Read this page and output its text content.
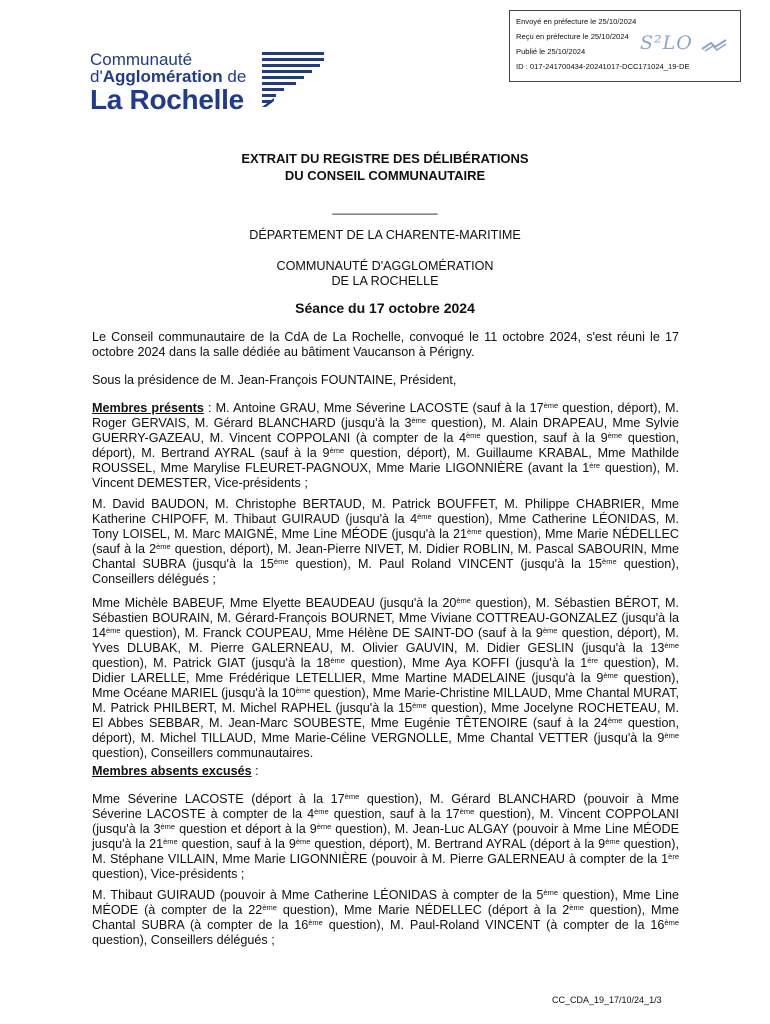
Envoyé en préfecture le 25/10/2024
Reçu en préfecture le 25/10/2024
Publié le 25/10/2024
ID : 017-241700434-20241017-DCC171024_19-DE
S²LO
Communauté
d'Agglomération de
La Rochelle
EXTRAIT DU REGISTRE DES DÉLIBÉRATIONS
DU CONSEIL COMMUNAUTAIRE
_______________
DÉPARTEMENT DE LA CHARENTE-MARITIME
COMMUNAUTÉ D'AGGLOMÉRATION
DE LA ROCHELLE
Séance du 17 octobre 2024
Le Conseil communautaire de la CdA de La Rochelle, convoqué le 11 octobre 2024, s'est réuni le 17 octobre 2024 dans la salle dédiée au bâtiment Vaucanson à Périgny.
Sous la présidence de M. Jean-François FOUNTAINE, Président,
Membres présents : M. Antoine GRAU, Mme Séverine LACOSTE (sauf à la 17ème question, déport), M. Roger GERVAIS, M. Gérard BLANCHARD (jusqu'à la 3ème question), M. Alain DRAPEAU, Mme Sylvie GUERRY-GAZEAU, M. Vincent COPPOLANI (à compter de la 4ème question, sauf à la 9ème question, déport), M. Bertrand AYRAL (sauf à la 9ème question, déport), M. Guillaume KRABAL, Mme Mathilde ROUSSEL, Mme Marylise FLEURET-PAGNOUX, Mme Marie LIGONNIÈRE (avant la 1ère question), M. Vincent DEMESTER, Vice-présidents ;
M. David BAUDON, M. Christophe BERTAUD, M. Patrick BOUFFET, M. Philippe CHABRIER, Mme Katherine CHIPOFF, M. Thibaut GUIRAUD (jusqu'à la 4ème question), Mme Catherine LÉONIDAS, M. Tony LOISEL, M. Marc MAIGNÉ, Mme Line MÉODE (jusqu'à la 21ème question), Mme Marie NÉDELLEC (sauf à la 2ème question, déport), M. Jean-Pierre NIVET, M. Didier ROBLIN, M. Pascal SABOURIN, Mme Chantal SUBRA (jusqu'à la 15ème question), M. Paul Roland VINCENT (jusqu'à la 15ème question), Conseillers délégués ;
Mme Michèle BABEUF, Mme Elyette BEAUDEAU (jusqu'à la 20ème question), M. Sébastien BÉROT, M. Sébastien BOURAIN, M. Gérard-François BOURNET, Mme Viviane COTTREAU-GONZALEZ (jusqu'à la 14ème question), M. Franck COUPEAU, Mme Hélène DE SAINT-DO (sauf à la 9ème question, déport), M. Yves DLUBAK, M. Pierre GALERNEAU, M. Olivier GAUVIN, M. Didier GESLIN (jusqu'à la 13ème question), M. Patrick GIAT (jusqu'à la 18ème question), Mme Aya KOFFI (jusqu'à la 1ère question), M. Didier LARELLE, Mme Frédérique LETELLIER, Mme Martine MADELAINE (jusqu'à la 9ème question), Mme Océane MARIEL (jusqu'à la 10ème question), Mme Marie-Christine MILLAUD, Mme Chantal MURAT, M. Patrick PHILBERT, M. Michel RAPHEL (jusqu'à la 15ème question), Mme Jocelyne ROCHETEAU, M. El Abbes SEBBAR, M. Jean-Marc SOUBESTE, Mme Eugénie TÊTENOIRE (sauf à la 24ème question, déport), M. Michel TILLAUD, Mme Marie-Céline VERGNOLLE, Mme Chantal VETTER (jusqu'à la 9ème question), Conseillers communautaires.
Membres absents excusés :
Mme Séverine LACOSTE (déport à la 17ème question), M. Gérard BLANCHARD (pouvoir à Mme Séverine LACOSTE à compter de la 4ème question, sauf à la 17ème question), M. Vincent COPPOLANI (jusqu'à la 3ème question et déport à la 9ème question), M. Jean-Luc ALGAY (pouvoir à Mme Line MÉODE jusqu'à la 21ème question, sauf à la 9ème question, déport), M. Bertrand AYRAL (déport à la 9ème question), M. Stéphane VILLAIN, Mme Marie LIGONNIÈRE (pouvoir à M. Pierre GALERNEAU à compter de la 1ère question), Vice-présidents ;
M. Thibaut GUIRAUD (pouvoir à Mme Catherine LÉONIDAS à compter de la 5ème question), Mme Line MÉODE (à compter de la 22ème question), Mme Marie NÉDELLEC (déport à la 2ème question), Mme Chantal SUBRA (à compter de la 16ème question), M. Paul-Roland VINCENT (à compter de la 16ème question), Conseillers délégués ;
CC_CDA_19_17/10/24_1/3
